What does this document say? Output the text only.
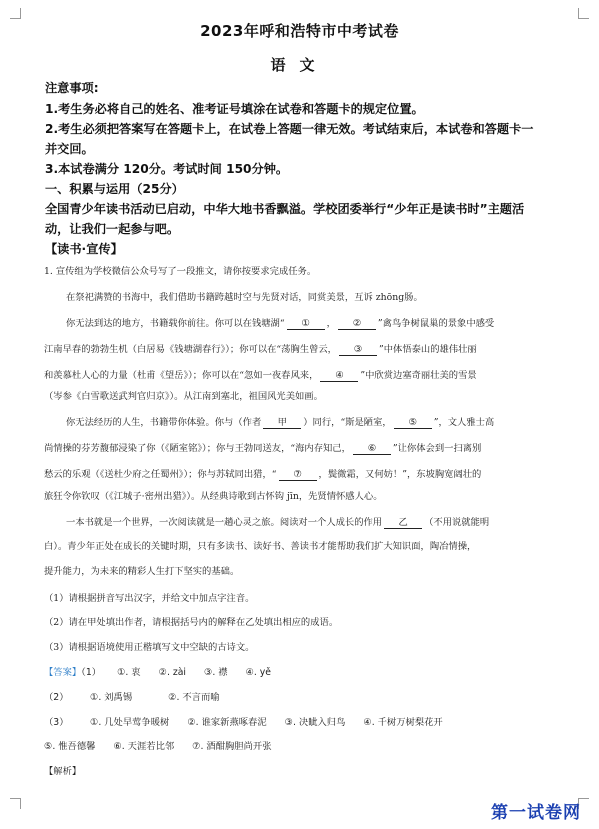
2023年呼和浩特市中考试卷
语文
注意事项:
1.考生务必将自己的姓名、准考证号填涂在试卷和答题卡的规定位置。
2.考生必须把答案写在答题卡上，在试卷上答题一律无效。考试结束后，本试卷和答题卡一
并交回。
3.本试卷满分 120分。考试时间 150分钟。
一、积累与运用（25分）
全国青少年读书活动已启动，中华大地书香飘溢。学校团委举行“少年正是读书时”主题活
动，让我们一起参与吧。
【读书·宣传】
1. 宣传组为学校微信公众号写了一段推文，请你按要求完成任务。
在祭祀满赞的书海中，我们借助书籍跨越时空与先贤对话，同赏美景，互诉 zhōng肠。
你无法到达的地方，书籍载你前往。你可以在钱塘湖“ ① ， ② ”禽鸟争树鼠巢的景象中感受
江南早春的勃勃生机（白居易《钱塘湖春行》）；你可以在“荡胸生曾云， ③ ”中体悟泰山的雄伟壮丽
和羡慕杜人心的力量（杜甫《望岳》）；你可以在“忽如一夜春风来， ④ ”中欣赏边塞奇丽壮美的雪景
（岑参《白雪歌送武判官归京》）。从江南到塞北，祖国风光美如画。
你无法经历的人生，书籍带你体验。你与（作者 甲 ）同行，“斯是陋室， ⑤ ”，文人雅士高
尚情操的芬芳馥郁浸染了你（《陋室铭》）；你与王勃同送友，“海内存知己， ⑥ ”让你体会到一扫离别
愁云的乐观（《送杜少府之任蜀州》）；你与苏轼同出猎，“ ⑦ ，鬓微霜，又何妨！”，东坡胸宽阔壮的
旅狂令你钦叹（《江城子·密州出猎》）。从经典诗歌到古怀钩 jīn，先贤情怀感人心。
一本书就是一个世界，一次阅读就是一趟心灵之旅。阅读对一个人成长的作用 乙 （不用说就能明
白）。青少年正处在成长的关键时期，只有多读书、读好书、善读书才能帮助我们扩大知识面，陶冶情操，
提升能力，为未来的精彩人生打下坚实的基础。
（1）请根据拼音写出汉字，并给文中加点字注音。
（2）请在甲处填出作者，请根据括号内的解释在乙处填出相应的成语。
（3）请根据语境使用正楷填写文中空缺的古诗文。
【答案】（1） ①. 衷 ②. zài ③. 襟 ④. yě
（2） ①. 刘禹锡	②. 不言而喻
（3） ①. 几处早莺争暖树 ②. 谁家新燕啄春泥 ③. 决眦入归鸟 ④. 千树万树梨花开
⑤. 惟吾德馨 ⑥. 天涯若比邻 ⑦. 酒酣胸胆尚开张
【解析】
第一试卷网
